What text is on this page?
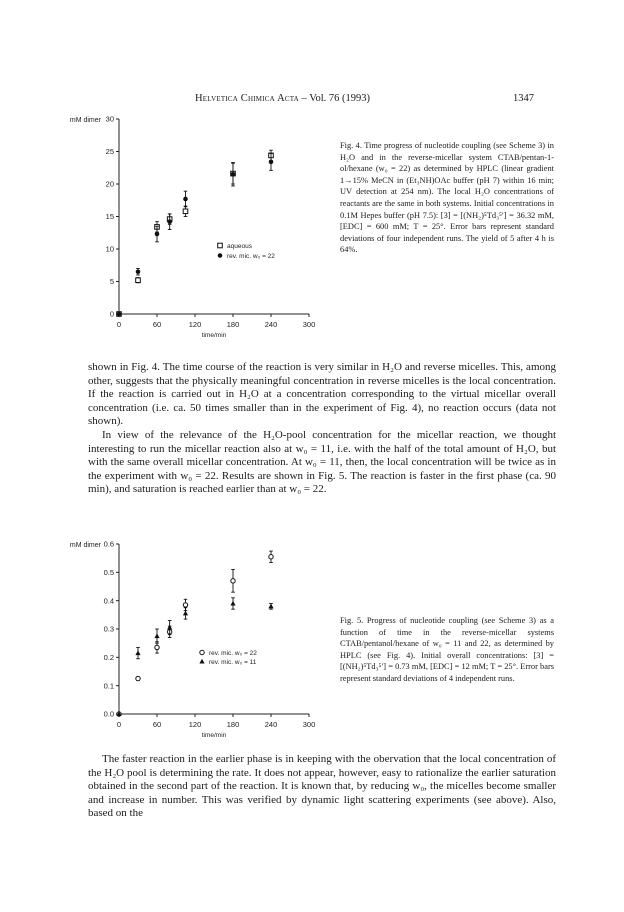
Helvetica Chimica Acta – Vol. 76 (1993)	1347
0	60	120	180	240	300
0
5
10
15
20
25
30
mM dimer
time/min
aqueous
rev. mic. w₀ = 22
Fig. 4. Time progress of nucleotide coupling (see Scheme 3) in H₂O and in the reverse-micellar system CTAB/pentan-1-ol/hexane (w₀ = 22) as determined by HPLC (linear gradient 1→15% MeCN in (Et₃NH)OAc buffer (pH 7) within 16 min; UV detection at 254 nm). The local H₂O concentrations of reactants are the same in both systems. Initial concentrations in 0.1M Hepes buffer (pH 7.5): [3] = [(NH₂)⁵Td₃⁵′] = 36.32 mM, [EDC] = 600 mM; T = 25°. Error bars represent standard deviations of four independent runs. The yield of 5 after 4 h is 64%.

shown in Fig. 4. The time course of the reaction is very similar in H₂O and reverse micelles. This, among other, suggests that the physically meaningful concentration in reverse micelles is the local concentration. If the reaction is carried out in H₂O at a concentration corresponding to the virtual micellar overall concentration (i.e. ca. 50 times smaller than in the experiment of Fig. 4), no reaction occurs (data not shown).

In view of the relevance of the H₂O-pool concentration for the micellar reaction, we thought interesting to run the micellar reaction also at w₀ = 11, i.e. with the half of the total amount of H₂O, but with the same overall micellar concentration. At w₀ = 11, then, the local concentration will be twice as in the experiment with w₀ = 22. Results are shown in Fig. 5. The reaction is faster in the first phase (ca. 90 min), and saturation is reached earlier than at w₀ = 22.

0	60	120	180	240	300
0.0
0.1
0.2
0.3
0.4
0.5
0.6
mM dimer
time/min
rev. mic. w₀ = 22
rev. mic. w₀ = 11
Fig. 5. Progress of nucleotide coupling (see Scheme 3) as a function of time in the reverse-micellar systems CTAB/pentanol/hexane of w₀ = 11 and 22, as determined by HPLC (see Fig. 4). Initial overall concentrations: [3] = [(NH₂)⁵Td₃⁵′] = 0.73 mM, [EDC] = 12 mM; T = 25°. Error bars represent standard deviations of 4 independent runs.

The faster reaction in the earlier phase is in keeping with the obervation that the local concentration of the H₂O pool is determining the rate. It does not appear, however, easy to rationalize the earlier saturation obtained in the second part of the reaction. It is known that, by reducing w₀, the micelles become smaller and increase in number. This was verified by dynamic light scattering experiments (see above). Also, based on the
